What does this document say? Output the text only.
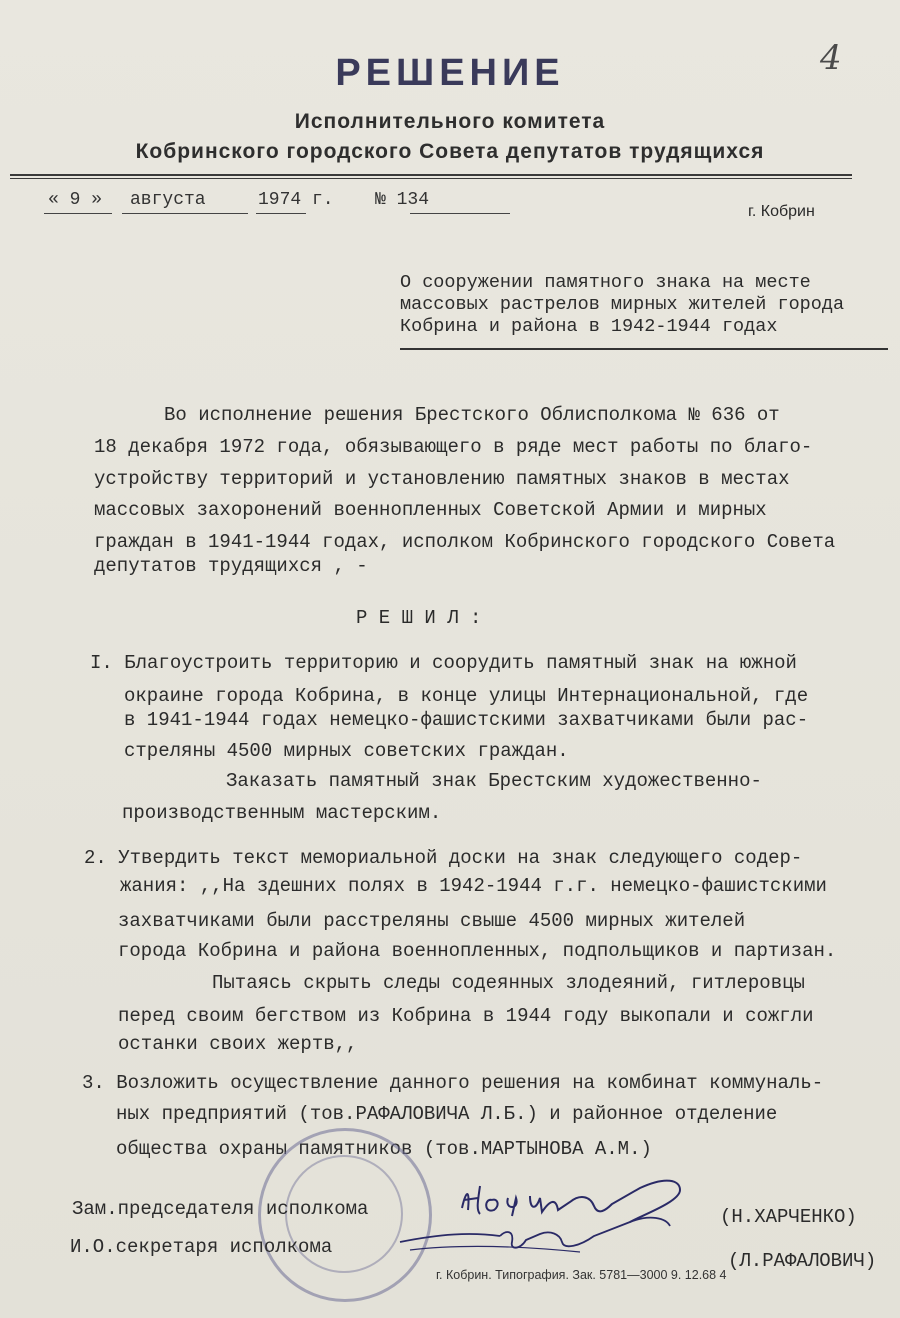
4
РЕШЕНИЕ
Исполнительного комитета
Кобринского городского Совета депутатов трудящихся
« 9 » августа	1974 г. № 134
г. Кобрин
О сооружении памятного знака на месте
массовых растрелов мирных жителей города
Кобрина и района в 1942-1944 годах
Во исполнение решения Брестского Облисполкома № 636 от
18 декабря 1972 года, обязывающего в ряде мест работы по благо-
устройству территорий и установлению памятных знаков в местах
массовых захоронений военнопленных Советской Армии и мирных
граждан в 1941-1944 годах, исполком Кобринского городского Совета
депутатов трудящихся , -
Р Е Ш И Л :
I. Благоустроить территорию и соорудить памятный знак на южной
окраине города Кобрина, в конце улицы Интернациональной, где
в 1941-1944 годах немецко-фашистскими захватчиками были рас-
стреляны 4500 мирных советских граждан.
Заказать памятный знак Брестским художественно-
производственным мастерским.
2. Утвердить текст мемориальной доски на знак следующего содер-
жания: ,,На здешних полях в 1942-1944 г.г. немецко-фашистскими
захватчиками были расстреляны свыше 4500 мирных жителей
города Кобрина и района военнопленных, подпольщиков и партизан.
Пытаясь скрыть следы содеянных злодеяний, гитлеровцы
перед своим бегством из Кобрина в 1944 году выкопали и сожгли
останки своих жертв,,
3. Возложить осуществление данного решения на комбинат коммуналь-
ных предприятий (тов.РАФАЛОВИЧА Л.Б.) и районное отделение
общества охраны памятников (тов.МАРТЫНОВА А.М.)
Зам.председателя исполкома	(Н.ХАРЧЕНКО)
И.О.секретаря исполкома
(Л.РАФАЛОВИЧ)
г. Кобрин. Типография. Зак. 5781—3000 9. 12.68 4
